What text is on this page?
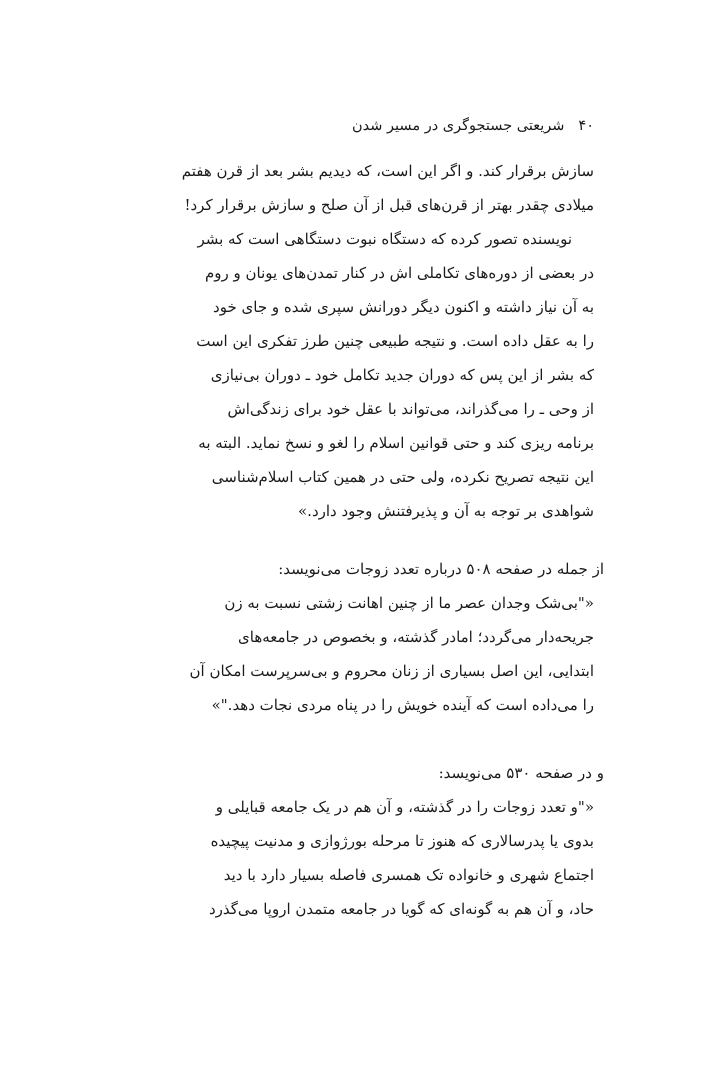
۴۰
شریعتی جستجوگری در مسیر شدن
سازش برقرار کند. و اگر این است، که دیدیم بشر بعد از قرن هفتم
میلادی چقدر بهتر از قرن‌های قبل از آن صلح و سازش برقرار کرد!
نویسنده تصور کرده که دستگاه نبوت دستگاهی است که بشر
در بعضی از دوره‌های تکاملی اش در کنار تمدن‌های یونان و روم
به آن نیاز داشته و اکنون دیگر دورانش سپری شده و جای خود
را به عقل داده است. و نتیجه طبیعی چنین طرز تفکری این است
که بشر از این پس که دوران جدید تکامل خود ـ دوران بی‌نیازی
از وحی ـ را می‌گذراند، می‌تواند با عقل خود برای زندگی‌اش
برنامه ریزی کند و حتی قوانین اسلام را لغو و نسخ نماید. البته به
این نتیجه تصریح نکرده، ولی حتی در همین کتاب اسلام‌شناسی
شواهدی بر توجه به آن و پذیرفتنش وجود دارد.»
از جمله در صفحه ۵۰۸ درباره تعدد زوجات می‌نویسد:
«"بی‌شک وجدان عصر ما از چنین اهانت زشتی نسبت به زن
جریحه‌دار می‌گردد؛ امادر گذشته، و بخصوص در جامعه‌های
ابتدایی، این اصل بسیاری از زنان محروم و بی‌سرپرست امکان آن
را می‌داده است که آینده خویش را در پناه مردی نجات دهد."»
و در صفحه ۵۳۰ می‌نویسد:
«"و تعدد زوجات را در گذشته، و آن هم در یک جامعه قبایلی و
بدوی یا پدرسالاری که هنوز تا مرحله بورژوازی و مدنیت پیچیده
اجتماع شهری و خانواده تک همسری فاصله بسیار دارد با دید
حاد، و آن هم به گونه‌ای که گویا در جامعه متمدن اروپا می‌گذرد
